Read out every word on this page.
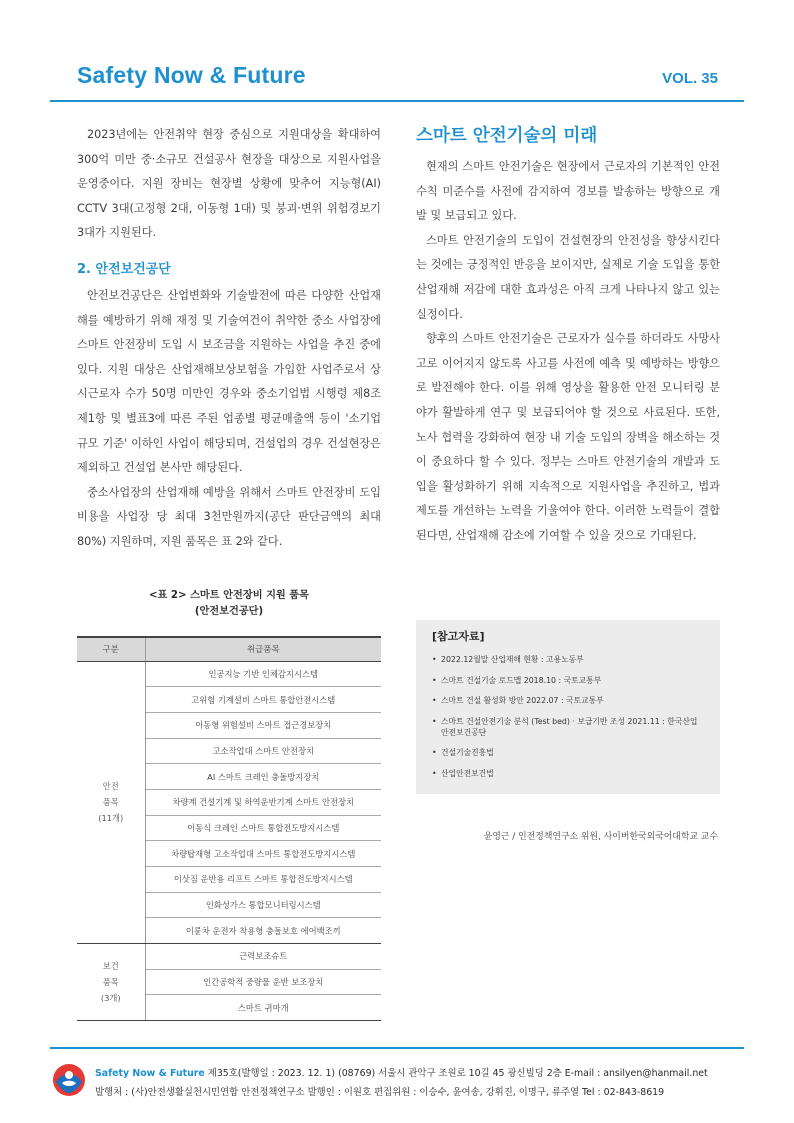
Safety Now & Future	VOL. 35

2023년에는 안전취약 현장 중심으로 지원대상을 확대하여 300억 미만 중·소규모 건설공사 현장을 대상으로 지원사업을 운영중이다. 지원 장비는 현장별 상황에 맞추어 지능형(AI) CCTV 3대(고정형 2대, 이동형 1대) 및 붕괴·변위 위험경보기 3대가 지원된다.

2. 안전보건공단

안전보건공단은 산업변화와 기술발전에 따른 다양한 산업재해를 예방하기 위해 재정 및 기술여건이 취약한 중소 사업장에 스마트 안전장비 도입 시 보조금을 지원하는 사업을 추진 중에 있다. 지원 대상은 산업재해보상보험을 가입한 사업주로서 상시근로자 수가 50명 미만인 경우와 중소기업법 시행령 제8조제1항 및 별표3에 따른 주된 업종별 평균매출액 등이 '소기업 규모 기준' 이하인 사업이 해당되며, 건설업의 경우 건설현장은 제외하고 건설업 본사만 해당된다.

중소사업장의 산업재해 예방을 위해서 스마트 안전장비 도입 비용을 사업장 당 최대 3천만원까지(공단 판단금액의 최대 80%) 지원하며, 지원 품목은 표 2와 같다.

<표 2> 스마트 안전장비 지원 품목
(안전보건공단)
구분	취급품목

안전
품목
(11개)	인공지능 기반 인체감지시스템
	고위험 기계설비 스마트 통합안전시스템
	이동형 위험설비 스마트 접근경보장치
	고소작업대 스마트 안전장치
	AI 스마트 크레인 충돌방지장치
	차량계 건설기계 및 하역운반기계 스마트 안전장치
	이동식 크레인 스마트 통합전도방지시스템
	차량탑재형 고소작업대 스마트 통합전도방지시스템
	이삿짐 운반용 리프트 스마트 통합전도방지시스템
	인화성가스 통합모니터링시스템
	이륜차 운전자 착용형 충돌보호 에어백조끼

보건
품목
(3개)	근력보조슈트
	인간공학적 중량물 운반 보조장치
	스마트 귀마개
스마트 안전기술의 미래

현재의 스마트 안전기술은 현장에서 근로자의 기본적인 안전수칙 미준수를 사전에 감지하여 경보를 발송하는 방향으로 개발 및 보급되고 있다.

스마트 안전기술의 도입이 건설현장의 안전성을 향상시킨다는 것에는 긍정적인 반응을 보이지만, 실제로 기술 도입을 통한 산업재해 저감에 대한 효과성은 아직 크게 나타나지 않고 있는 실정이다.

향후의 스마트 안전기술은 근로자가 실수를 하더라도 사망사고로 이어지지 않도록 사고를 사전에 예측 및 예방하는 방향으로 발전해야 한다. 이를 위해 영상을 활용한 안전 모니터링 분야가 활발하게 연구 및 보급되어야 할 것으로 사료된다. 또한, 노사 협력을 강화하여 현장 내 기술 도입의 장벽을 해소하는 것이 중요하다 할 수 있다. 정부는 스마트 안전기술의 개발과 도입을 활성화하기 위해 지속적으로 지원사업을 추진하고, 법과 제도를 개선하는 노력을 기울여야 한다. 이러한 노력들이 결합된다면, 산업재해 감소에 기여할 수 있을 것으로 기대된다.

[참고자료]
• 2022.12월말 산업재해 현황 : 고용노동부
• 스마트 건설기술 로드맵 2018.10 : 국토교통부
• 스마트 건설 활성화 방안 2022.07 : 국토교통부
• 스마트 건설안전기술 분석 (Test bed) · 보급기반 조성 2021.11 : 한국산업안전보건공단
• 건설기술진흥법
• 산업안전보건법
윤영근 / 인전정책연구소 위원, 사이버한국외국어대학교 교수
Safety Now & Future 제35호(발행일 : 2023. 12. 1) (08769) 서울시 관악구 조원로 10길 45 광신빌딩 2층 E-mail : ansilyen@hanmail.net
발행처 : (사)안전생활실천시민연합 안전정책연구소 발행인 : 이원호 편집위원 : 이승수, 윤여송, 강휘진, 이명구, 류주열 Tel : 02-843-8619
